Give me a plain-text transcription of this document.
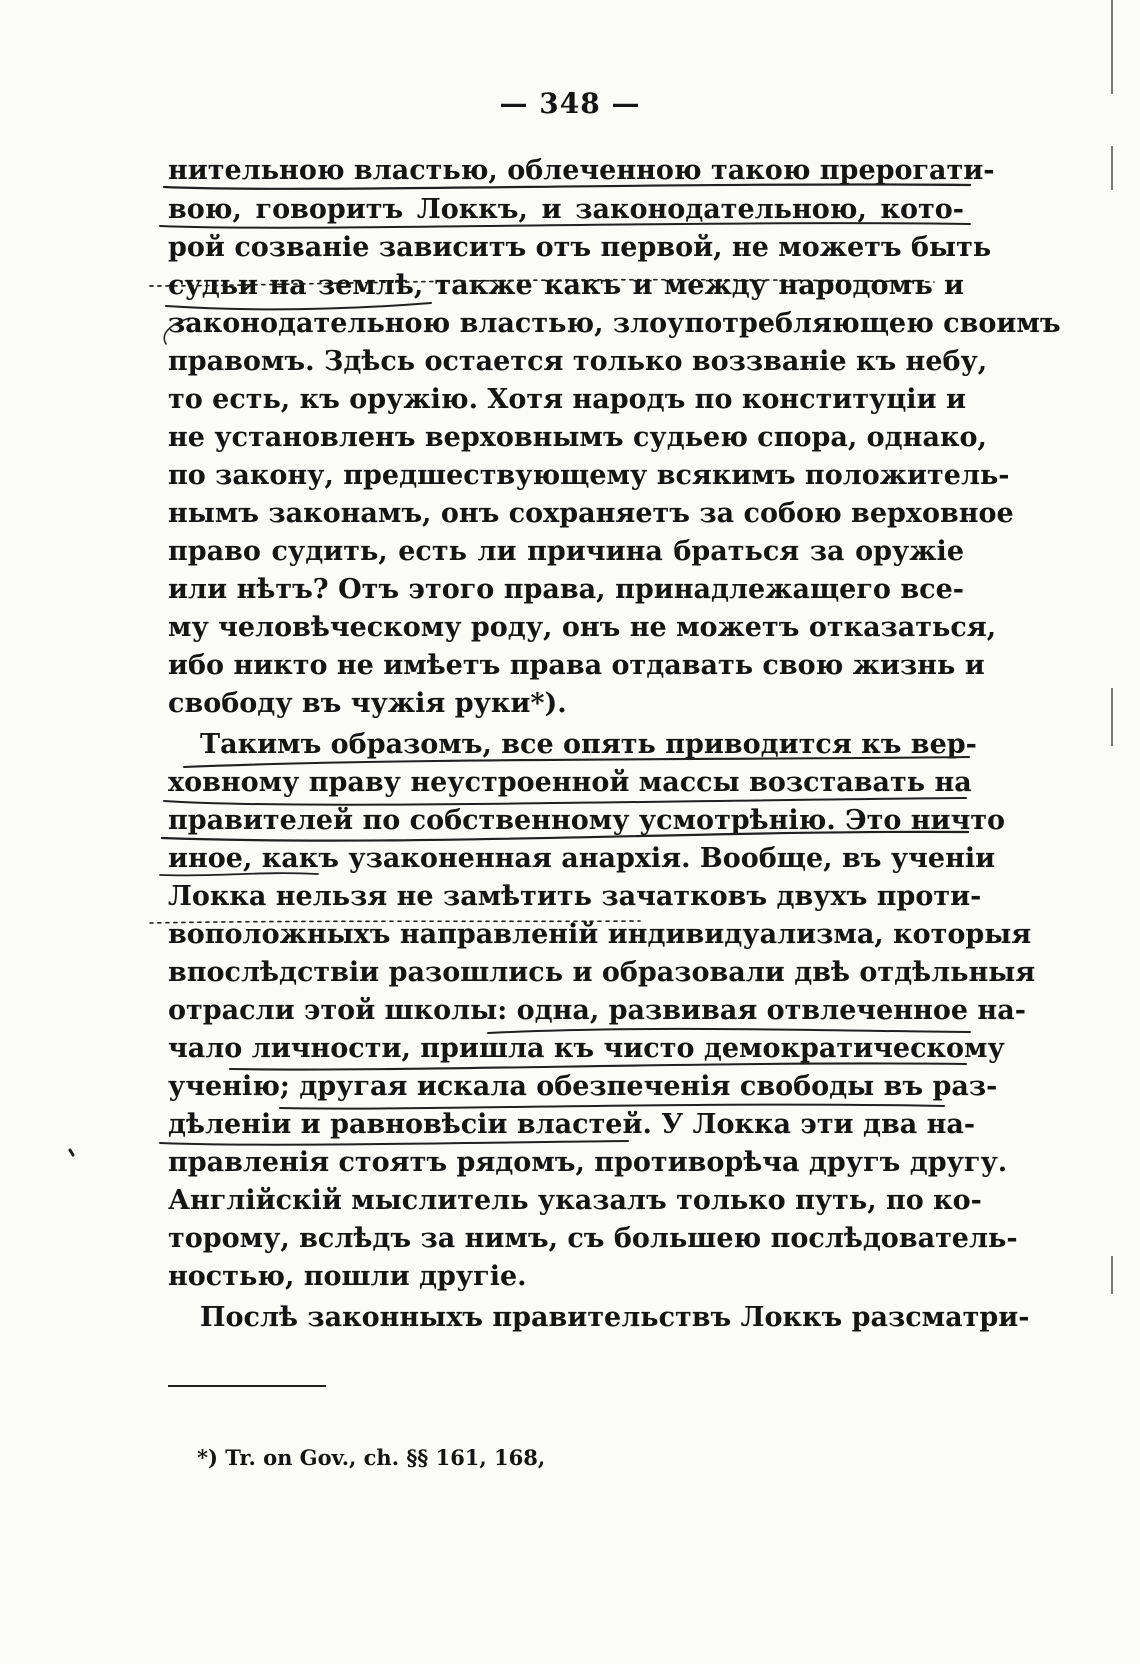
— 348 —
нительною властью, облеченною такою прерогати-
вою, говоритъ Локкъ, и законодательною, кото-
рой созваніе зависитъ отъ первой, не можетъ быть
судьи на землѣ, также какъ и между народомъ и
законодательною властью, злоупотребляющею своимъ
правомъ. Здѣсь остается только воззваніе къ небу,
то есть, къ оружію. Хотя народъ по конституціи и
не установленъ верховнымъ судьею спора, однако,
по закону, предшествующему всякимъ положитель-
нымъ законамъ, онъ сохраняетъ за собою верховное
право судить, есть ли причина браться за оружіе
или нѣтъ? Отъ этого права, принадлежащего все-
му человѣческому роду, онъ не можетъ отказаться,
ибо никто не имѣетъ права отдавать свою жизнь и
свободу въ чужія руки*).
Такимъ образомъ, все опять приводится къ вер-
ховному праву неустроенной массы возставать на
правителей по собственному усмотрѣнію. Это ничто
иное, какъ узаконенная анархія. Вообще, въ ученіи
Локка нельзя не замѣтить зачатковъ двухъ проти-
воположныхъ направленій индивидуализма, которыя
впослѣдствіи разошлись и образовали двѣ отдѣльныя
отрасли этой школы: одна, развивая отвлеченное на-
чало личности, пришла къ чисто демократическому
ученію; другая искала обезпеченія свободы въ раз-
дѣленіи и равновѣсіи властей. У Локка эти два на-
правленія стоятъ рядомъ, противорѣча другъ другу.
Англійскій мыслитель указалъ только путь, по ко-
торому, вслѣдъ за нимъ, съ большею послѣдователь-
ностью, пошли другіе.
Послѣ законныхъ правительствъ Локкъ разсматри-
*) Tr. on Gov., ch. §§ 161, 168,
